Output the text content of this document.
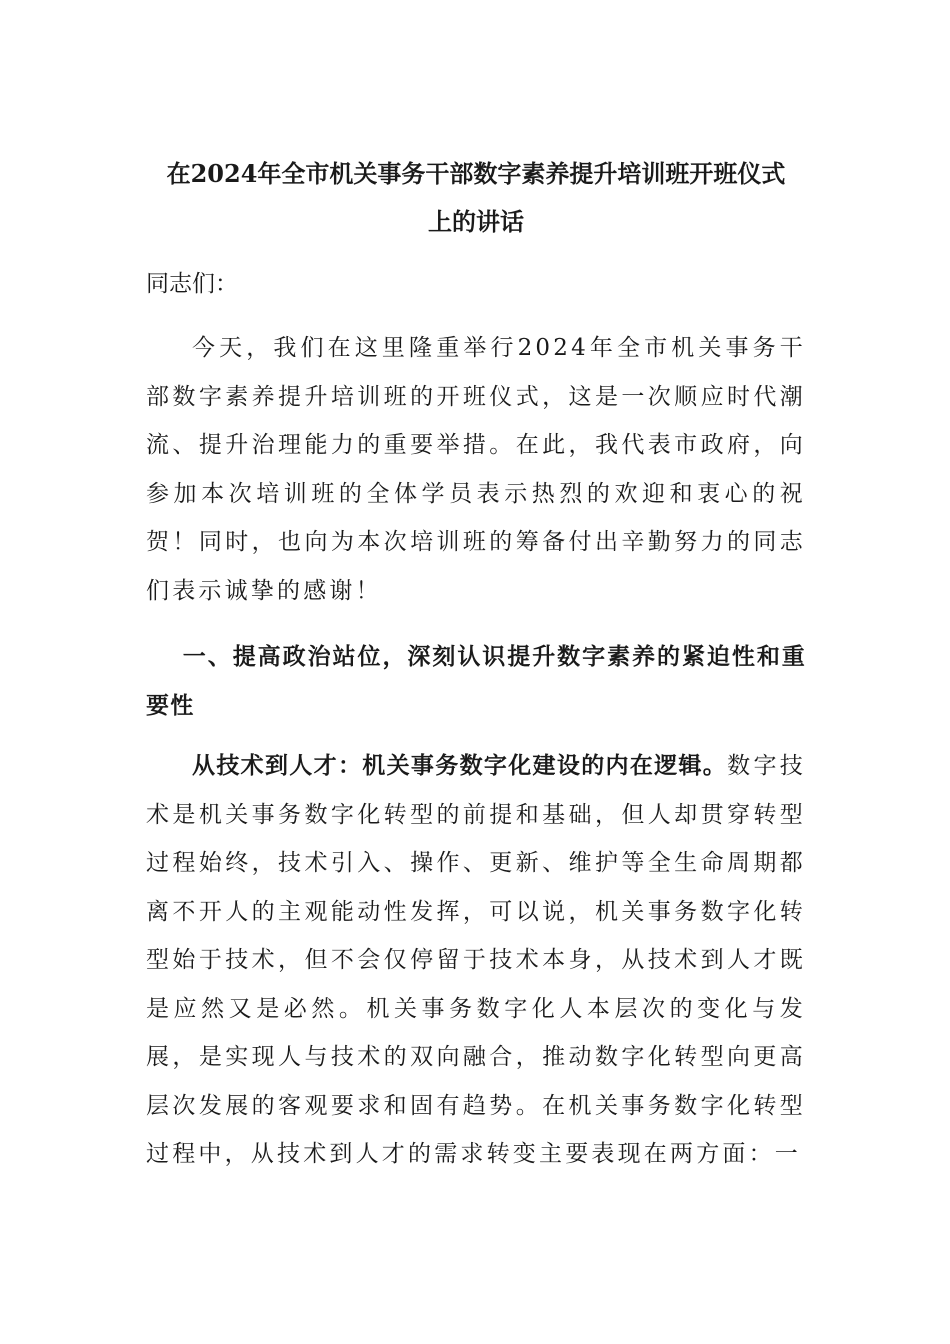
在2024年全市机关事务干部数字素养提升培训班开班仪式
上的讲话
同志们：

今天，我们在这里隆重举行2024年全市机关事务干部数字素养提升培训班的开班仪式，这是一次顺应时代潮流、提升治理能力的重要举措。在此，我代表市政府，向参加本次培训班的全体学员表示热烈的欢迎和衷心的祝贺！同时，也向为本次培训班的筹备付出辛勤努力的同志们表示诚挚的感谢！

一、提高政治站位，深刻认识提升数字素养的紧迫性和重要性

从技术到人才：机关事务数字化建设的内在逻辑。数字技术是机关事务数字化转型的前提和基础，但人却贯穿转型过程始终，技术引入、操作、更新、维护等全生命周期都离不开人的主观能动性发挥，可以说，机关事务数字化转型始于技术，但不会仅停留于技术本身，从技术到人才既是应然又是必然。机关事务数字化人本层次的变化与发展，是实现人与技术的双向融合，推动数字化转型向更高层次发展的客观要求和固有趋势。在机关事务数字化转型过程中，从技术到人才的需求转变主要表现在两方面：一
